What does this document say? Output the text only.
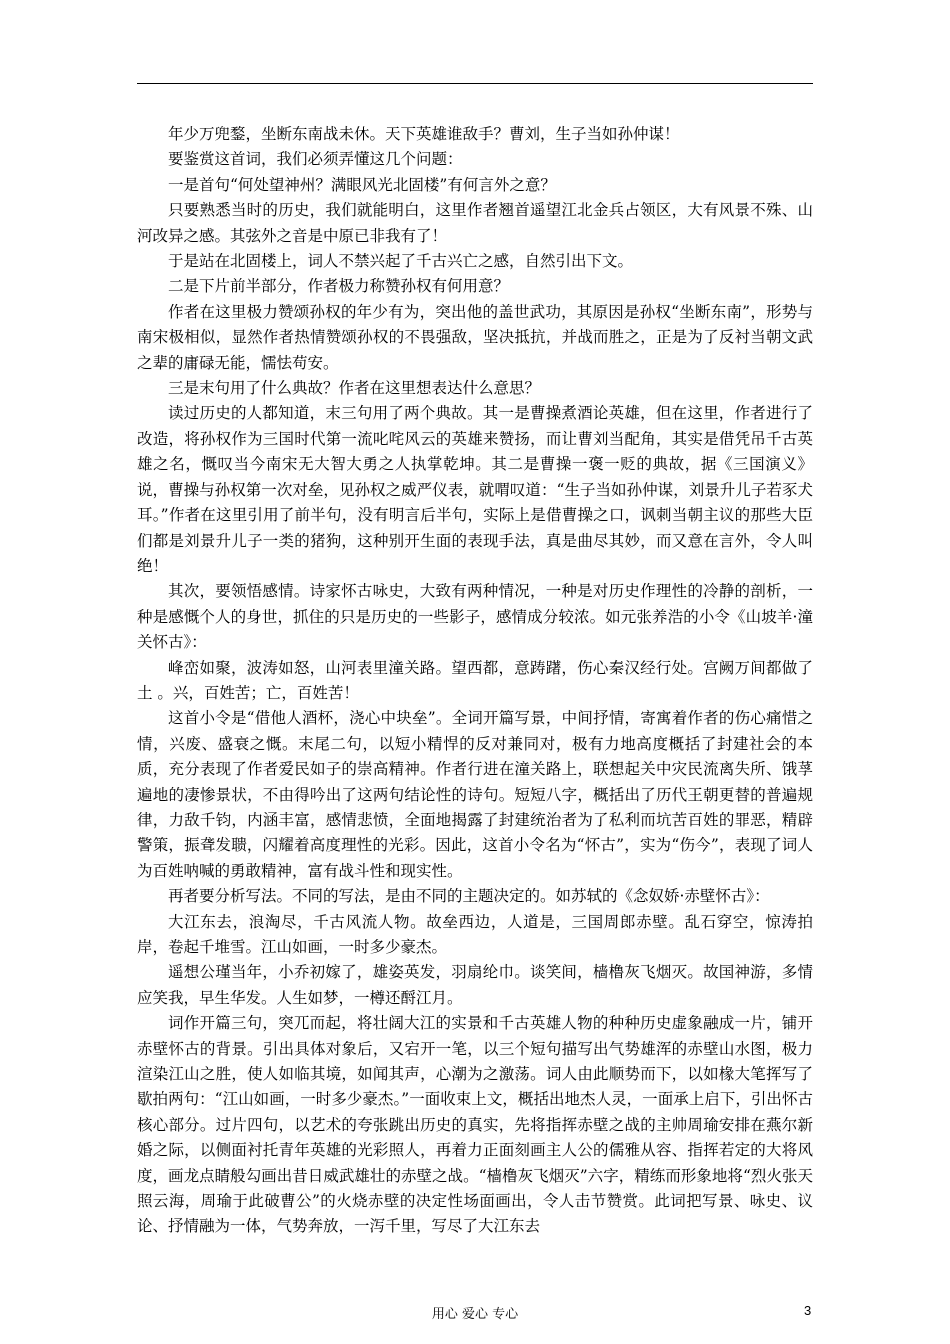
年少万兜鍪，坐断东南战未休。天下英雄谁敌手？曹刘，生子当如孙仲谋！

要鉴赏这首词，我们必须弄懂这几个问题：

一是首句“何处望神州？满眼风光北固楼”有何言外之意？

只要熟悉当时的历史，我们就能明白，这里作者翘首遥望江北金兵占领区，大有风景不殊、山河改异之感。其弦外之音是中原已非我有了！

于是站在北固楼上，词人不禁兴起了千古兴亡之感，自然引出下文。

二是下片前半部分，作者极力称赞孙权有何用意？

作者在这里极力赞颂孙权的年少有为，突出他的盖世武功，其原因是孙权“坐断东南”，形势与南宋极相似，显然作者热情赞颂孙权的不畏强敌，坚决抵抗，并战而胜之，正是为了反衬当朝文武之辈的庸碌无能，懦怯苟安。

三是末句用了什么典故？作者在这里想表达什么意思？

读过历史的人都知道，末三句用了两个典故。其一是曹操煮酒论英雄，但在这里，作者进行了改造，将孙权作为三国时代第一流叱咤风云的英雄来赞扬，而让曹刘当配角，其实是借凭吊千古英雄之名，慨叹当今南宋无大智大勇之人执掌乾坤。其二是曹操一褒一贬的典故，据《三国演义》说，曹操与孙权第一次对垒，见孙权之威严仪表，就喟叹道：“生子当如孙仲谋，刘景升儿子若豕犬耳。”作者在这里引用了前半句，没有明言后半句，实际上是借曹操之口，讽刺当朝主议的那些大臣们都是刘景升儿子一类的猪狗，这种别开生面的表现手法，真是曲尽其妙，而又意在言外，令人叫绝！

其次，要领悟感情。诗家怀古咏史，大致有两种情况，一种是对历史作理性的冷静的剖析，一种是感慨个人的身世，抓住的只是历史的一些影子，感情成分较浓。如元张养浩的小令《山坡羊·潼关怀古》：

峰峦如聚，波涛如怒，山河表里潼关路。望西都，意踌躇，伤心秦汉经行处。宫阙万间都做了土 。兴，百姓苦；亡，百姓苦！

这首小令是“借他人酒杯，浇心中块垒”。全词开篇写景，中间抒情，寄寓着作者的伤心痛惜之情，兴废、盛衰之慨。末尾二句，以短小精悍的反对兼同对，极有力地高度概括了封建社会的本质，充分表现了作者爱民如子的崇高精神。作者行进在潼关路上，联想起关中灾民流离失所、饿莩遍地的凄惨景状，不由得吟出了这两句结论性的诗句。短短八字，概括出了历代王朝更替的普遍规律，力敌千钧，内涵丰富，感情悲愤，全面地揭露了封建统治者为了私利而坑苦百姓的罪恶，精辟警策，振聋发聩，闪耀着高度理性的光彩。因此，这首小令名为“怀古”，实为“伤今”，表现了词人为百姓呐喊的勇敢精神，富有战斗性和现实性。

再者要分析写法。不同的写法，是由不同的主题决定的。如苏轼的《念奴娇·赤壁怀古》：

大江东去，浪淘尽，千古风流人物。故垒西边，人道是，三国周郎赤壁。乱石穿空，惊涛拍岸，卷起千堆雪。江山如画，一时多少豪杰。

遥想公瑾当年，小乔初嫁了，雄姿英发，羽扇纶巾。谈笑间，樯橹灰飞烟灭。故国神游，多情应笑我，早生华发。人生如梦，一樽还酹江月。

词作开篇三句，突兀而起，将壮阔大江的实景和千古英雄人物的种种历史虚象融成一片，铺开赤壁怀古的背景。引出具体对象后，又宕开一笔，以三个短句描写出气势雄浑的赤壁山水图，极力渲染江山之胜，使人如临其境，如闻其声，心潮为之激荡。词人由此顺势而下，以如椽大笔挥写了歇拍两句：“江山如画，一时多少豪杰。”一面收束上文，概括出地杰人灵，一面承上启下，引出怀古核心部分。过片四句，以艺术的夸张跳出历史的真实，先将指挥赤壁之战的主帅周瑜安排在燕尔新婚之际，以侧面衬托青年英雄的光彩照人，再着力正面刻画主人公的儒雅从容、指挥若定的大将风度，画龙点睛般勾画出昔日威武雄壮的赤壁之战。“樯橹灰飞烟灭”六字，精练而形象地将“烈火张天照云海，周瑜于此破曹公”的火烧赤壁的决定性场面画出，令人击节赞赏。此词把写景、咏史、议论、抒情融为一体，气势奔放，一泻千里，写尽了大江东去

用心 爱心 专心	3
